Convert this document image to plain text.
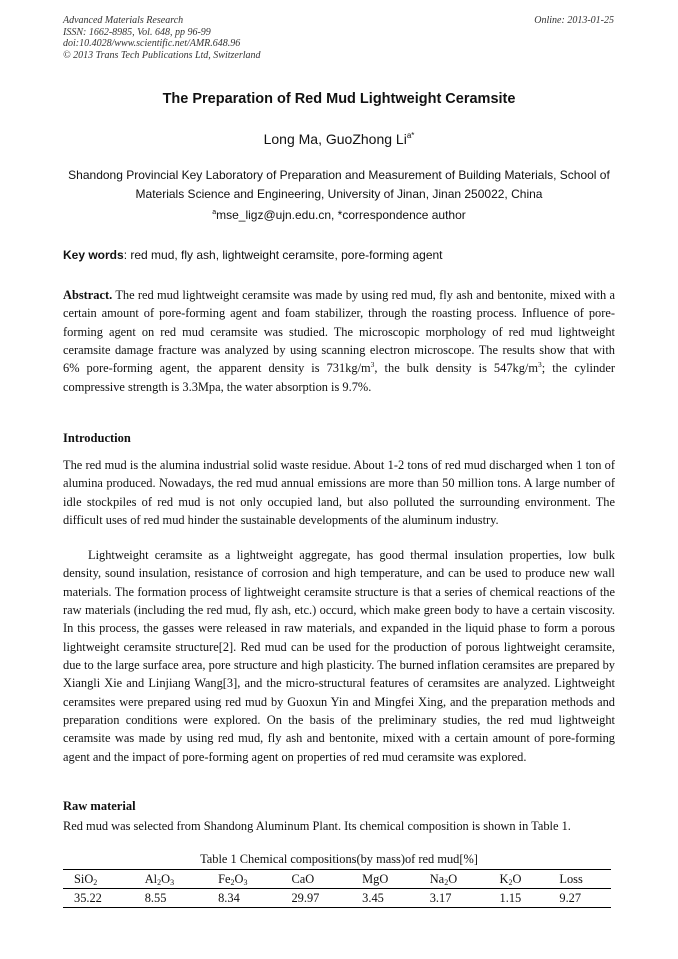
Advanced Materials Research
ISSN: 1662-8985, Vol. 648, pp 96-99
doi:10.4028/www.scientific.net/AMR.648.96
© 2013 Trans Tech Publications Ltd, Switzerland
Online: 2013-01-25
The Preparation of Red Mud Lightweight Ceramsite
Long Ma, GuoZhong $Li^{a*}$
Shandong Provincial Key Laboratory of Preparation and Measurement of Building Materials, School of Materials Science and Engineering, University of Jinan, Jinan 250022, China
$^a$mse_ligz@ujn.edu.cn, *correspondence author
Key words: red mud, fly ash, lightweight ceramsite, pore-forming agent
Abstract. The red mud lightweight ceramsite was made by using red mud, fly ash and bentonite, mixed with a certain amount of pore-forming agent and foam stabilizer, through the roasting process. Influence of pore-forming agent on red mud ceramsite was studied. The microscopic morphology of red mud lightweight ceramsite damage fracture was analyzed by using scanning electron microscope. The results show that with 6% pore-forming agent, the apparent density is $731kg/m^3$, the bulk density is $547kg/m^3$; the cylinder compressive strength is 3.3Mpa, the water absorption is 9.7%.
Introduction
The red mud is the alumina industrial solid waste residue. About 1-2 tons of red mud discharged when 1 ton of alumina produced. Nowadays, the red mud annual emissions are more than 50 million tons. A large number of idle stockpiles of red mud is not only occupied land, but also polluted the surrounding environment. The difficult uses of red mud hinder the sustainable developments of the aluminum industry.
Lightweight ceramsite as a lightweight aggregate, has good thermal insulation properties, low bulk density, sound insulation, resistance of corrosion and high temperature, and can be used to produce new wall materials. The formation process of lightweight ceramsite structure is that a series of chemical reactions of the raw materials (including the red mud, fly ash, etc.) occurd, which make green body to have a certain viscosity. In this process, the gasses were released in raw materials, and expanded in the liquid phase to form a porous lightweight ceramsite structure[2]. Red mud can be used for the production of porous lightweight ceramsite, due to the large surface area, pore structure and high plasticity. The burned inflation ceramsites are prepared by Xiangli Xie and Linjiang Wang[3], and the micro-structural features of ceramsites are analyzed. Lightweight ceramsites were prepared using red mud by Guoxun Yin and Mingfei Xing, and the preparation methods and preparation conditions were explored. On the basis of the preliminary studies, the red mud lightweight ceramsite was made by using red mud, fly ash and bentonite, mixed with a certain amount of pore-forming agent and the impact of pore-forming agent on properties of red mud ceramsite was explored.
Raw material
Red mud was selected from Shandong Aluminum Plant. Its chemical composition is shown in Table 1.
Table 1 Chemical compositions(by mass)of red mud[%]
SiO$_2$	$Al_2O_3$	$Fe_2O_3$	CaO	MgO	$Na_2O$	$K_2O$	Loss
35.22	8.55	8.34	29.97	3.45	3.17	1.15	9.27
